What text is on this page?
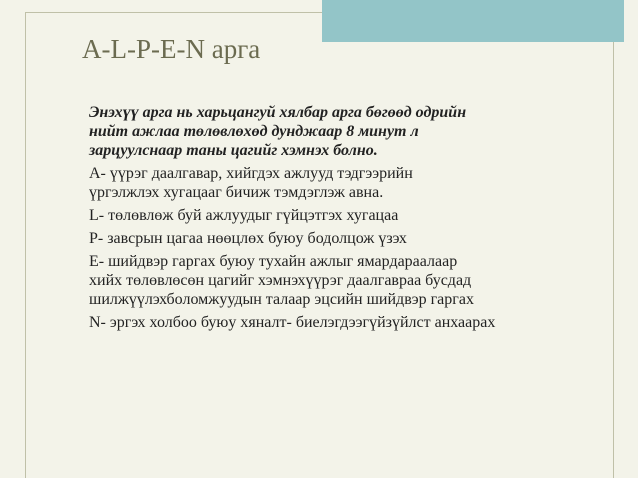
A-L-P-E-N арга
Энэхүү арга нь харьцангуй хялбар арга бөгөөд одрийн
нийт ажлаа төлөвлөхөд дунджаар 8 минут л
зарцуулснаар таны цагийг хэмнэх болно.
A- үүрэг даалгавар, хийгдэх ажлууд тэдгээрийн
үргэлжлэх хугацааг бичиж тэмдэглэж авна.
L- төлөвлөж буй ажлуудыг гүйцэтгэх хугацаа
P- завсрын цагаа нөөцлөх буюу бодолцож үзэх
E- шийдвэр гаргах буюу тухайн ажлыг ямардараалаар
хийх төлөвлөсөн цагийг хэмнэхүүрэг даалгавраа бусдад
шилжүүлэхболомжуудын талаар эцсийн шийдвэр гаргах
N- эргэх холбоо буюу хяналт- биелэгдээгүйзүйлст анхаарах
